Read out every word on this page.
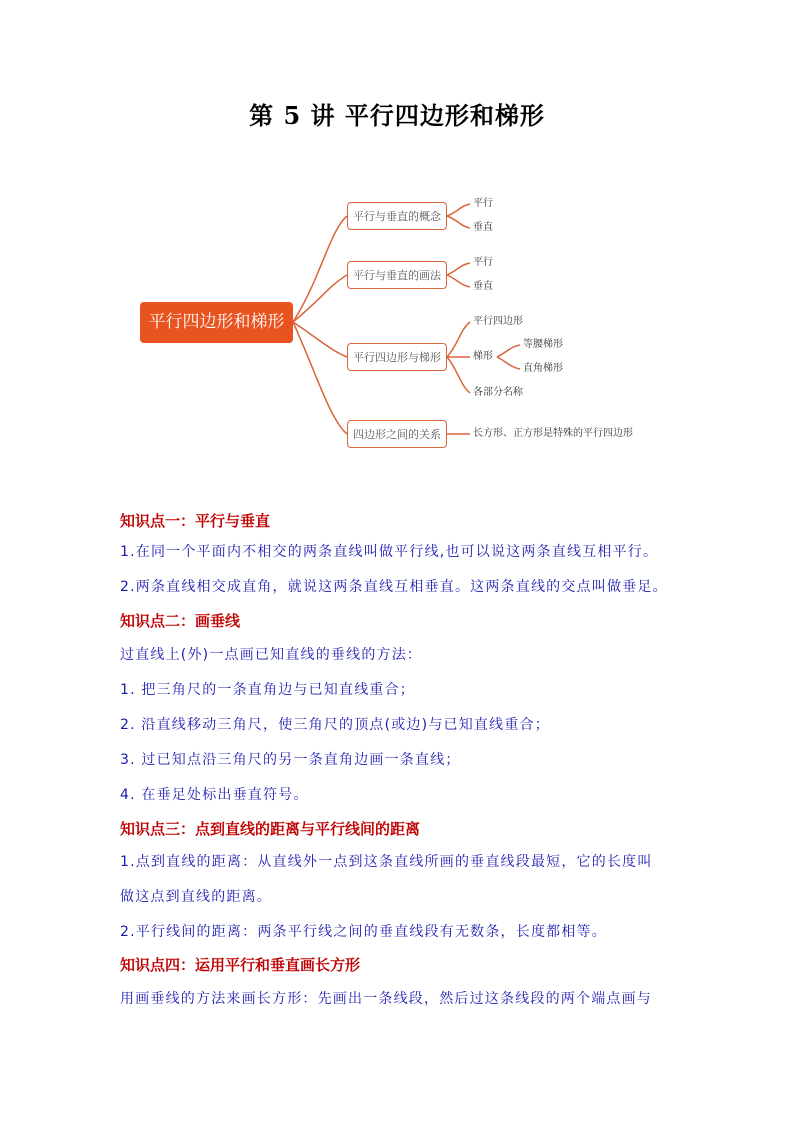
第 5 讲 平行四边形和梯形
平行四边形和梯形
平行与垂直的概念
平行与垂直的画法
平行四边形与梯形
四边形之间的关系
平行
垂直
平行
垂直
平行四边形
梯形
各部分名称
等腰梯形
直角梯形
长方形、正方形是特殊的平行四边形
知识点一：平行与垂直
1.在同一个平面内不相交的两条直线叫做平行线,也可以说这两条直线互相平行。
2.两条直线相交成直角，就说这两条直线互相垂直。这两条直线的交点叫做垂足。
知识点二：画垂线
过直线上(外)一点画已知直线的垂线的方法：
1. 把三角尺的一条直角边与已知直线重合；
2. 沿直线移动三角尺，使三角尺的顶点(或边)与已知直线重合；
3. 过已知点沿三角尺的另一条直角边画一条直线；
4. 在垂足处标出垂直符号。
知识点三：点到直线的距离与平行线间的距离
1.点到直线的距离：从直线外一点到这条直线所画的垂直线段最短，它的长度叫
做这点到直线的距离。
2.平行线间的距离：两条平行线之间的垂直线段有无数条，长度都相等。
知识点四：运用平行和垂直画长方形
用画垂线的方法来画长方形：先画出一条线段，然后过这条线段的两个端点画与
